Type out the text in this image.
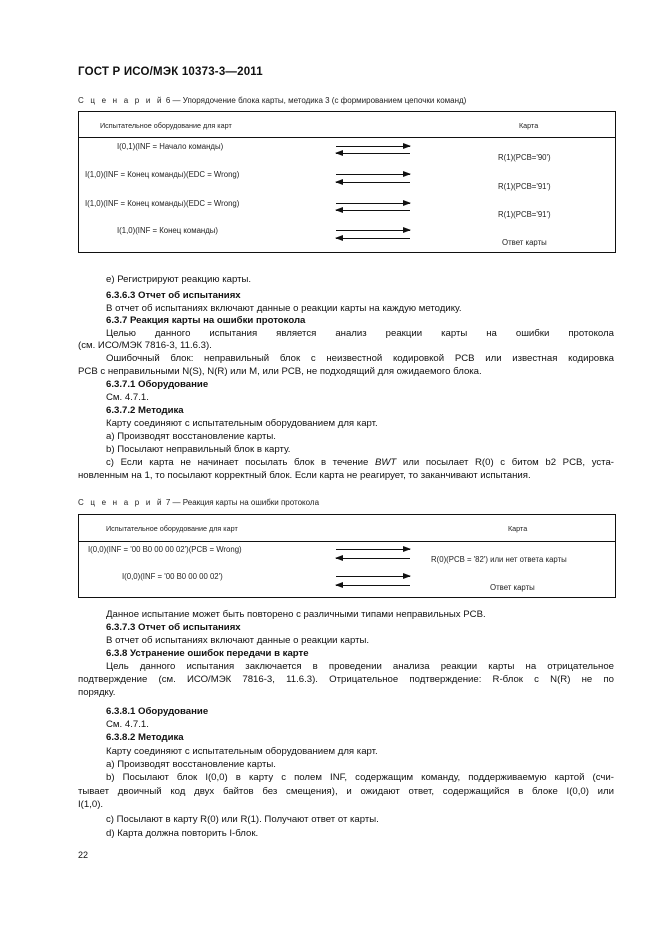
ГОСТ Р ИСО/МЭК 10373-3—2011
С ц е н а р и й 6 — Упорядочение блока карты, методика 3 (с формированием цепочки команд)
Испытательное оборудование для карт	Карта
I(0,1)(INF = Начало команды)
R(1)(PCB='90')
I(1,0)(INF = Конец команды)(EDC = Wrong)
R(1)(PCB='91')
I(1,0)(INF = Конец команды)(EDC = Wrong)
R(1)(PCB='91')
I(1,0)(INF = Конец команды)
Ответ карты
е) Регистрируют реакцию карты.
6.3.6.3 Отчет об испытаниях
В отчет об испытаниях включают данные о реакции карты на каждую методику.
6.3.7 Реакция карты на ошибки протокола
Целью данного испытания является анализ реакции карты на ошибки протокола
(см. ИСО/МЭК 7816-3, 11.6.3).
Ошибочный блок: неправильный блок с неизвестной кодировкой PCB или известная кодировка
PCB с неправильными N(S), N(R) или M, или PCB, не подходящий для ожидаемого блока.
6.3.7.1 Оборудование
См. 4.7.1.
6.3.7.2 Методика
Карту соединяют с испытательным оборудованием для карт.
а) Производят восстановление карты.
b) Посылают неправильный блок в карту.
c) Если карта не начинает посылать блок в течение BWT или посылает R(0) с битом b2 PCB, уста-
новленным на 1, то посылают корректный блок. Если карта не реагирует, то заканчивают испытания.
С ц е н а р и й 7 — Реакция карты на ошибки протокола
Испытательное оборудование для карт	Карта
I(0,0)(INF = '00 B0 00 00 02')(PCB = Wrong)
R(0)(PCB = '82') или нет ответа карты
I(0,0)(INF = '00 B0 00 00 02')
Ответ карты
Данное испытание может быть повторено с различными типами неправильных PCB.
6.3.7.3 Отчет об испытаниях
В отчет об испытаниях включают данные о реакции карты.
6.3.8 Устранение ошибок передачи в карте
Цель данного испытания заключается в проведении анализа реакции карты на отрицательное
подтверждение (см. ИСО/МЭК 7816-3, 11.6.3). Отрицательное подтверждение: R-блок с N(R) не по
порядку.
6.3.8.1 Оборудование
См. 4.7.1.
6.3.8.2 Методика
Карту соединяют с испытательным оборудованием для карт.
а) Производят восстановление карты.
b) Посылают блок I(0,0) в карту с полем INF, содержащим команду, поддерживаемую картой (счи-
тывает двоичный код двух байтов без смещения), и ожидают ответ, содержащийся в блоке I(0,0) или
I(1,0).
c) Посылают в карту R(0) или R(1). Получают ответ от карты.
d) Карта должна повторить I-блок.
22
